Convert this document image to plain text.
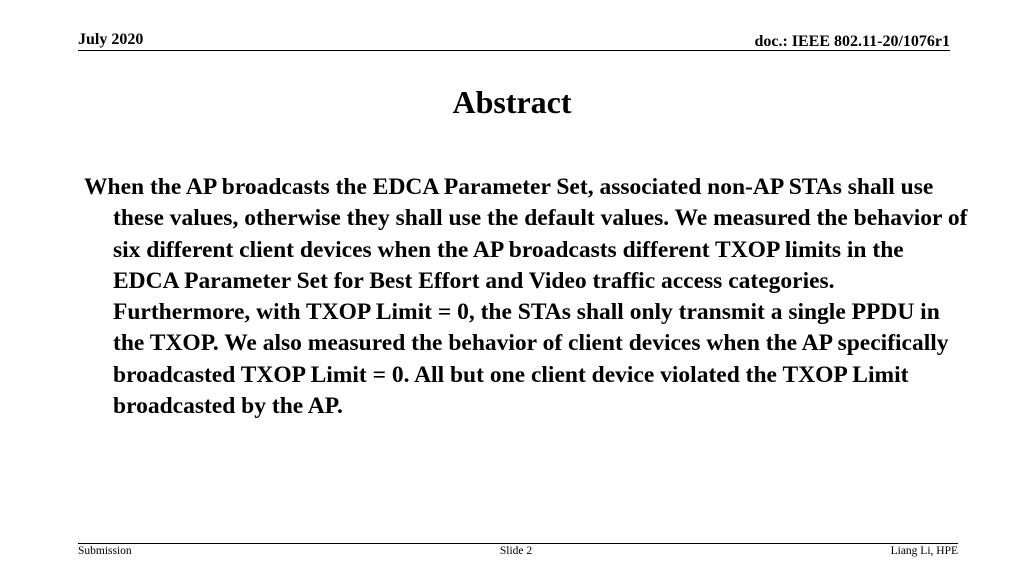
July 2020	doc.: IEEE 802.11-20/1076r1
Abstract

When the AP broadcasts the EDCA Parameter Set, associated non-AP STAs shall use these values, otherwise they shall use the default values. We measured the behavior of six different client devices when the AP broadcasts different TXOP limits in the EDCA Parameter Set for Best Effort and Video traffic access categories. Furthermore, with TXOP Limit = 0, the STAs shall only transmit a single PPDU in the TXOP. We also measured the behavior of client devices when the AP specifically broadcasted TXOP Limit = 0. All but one client device violated the TXOP Limit broadcasted by the AP.

Submission	Slide 2	Liang Li, HPE
